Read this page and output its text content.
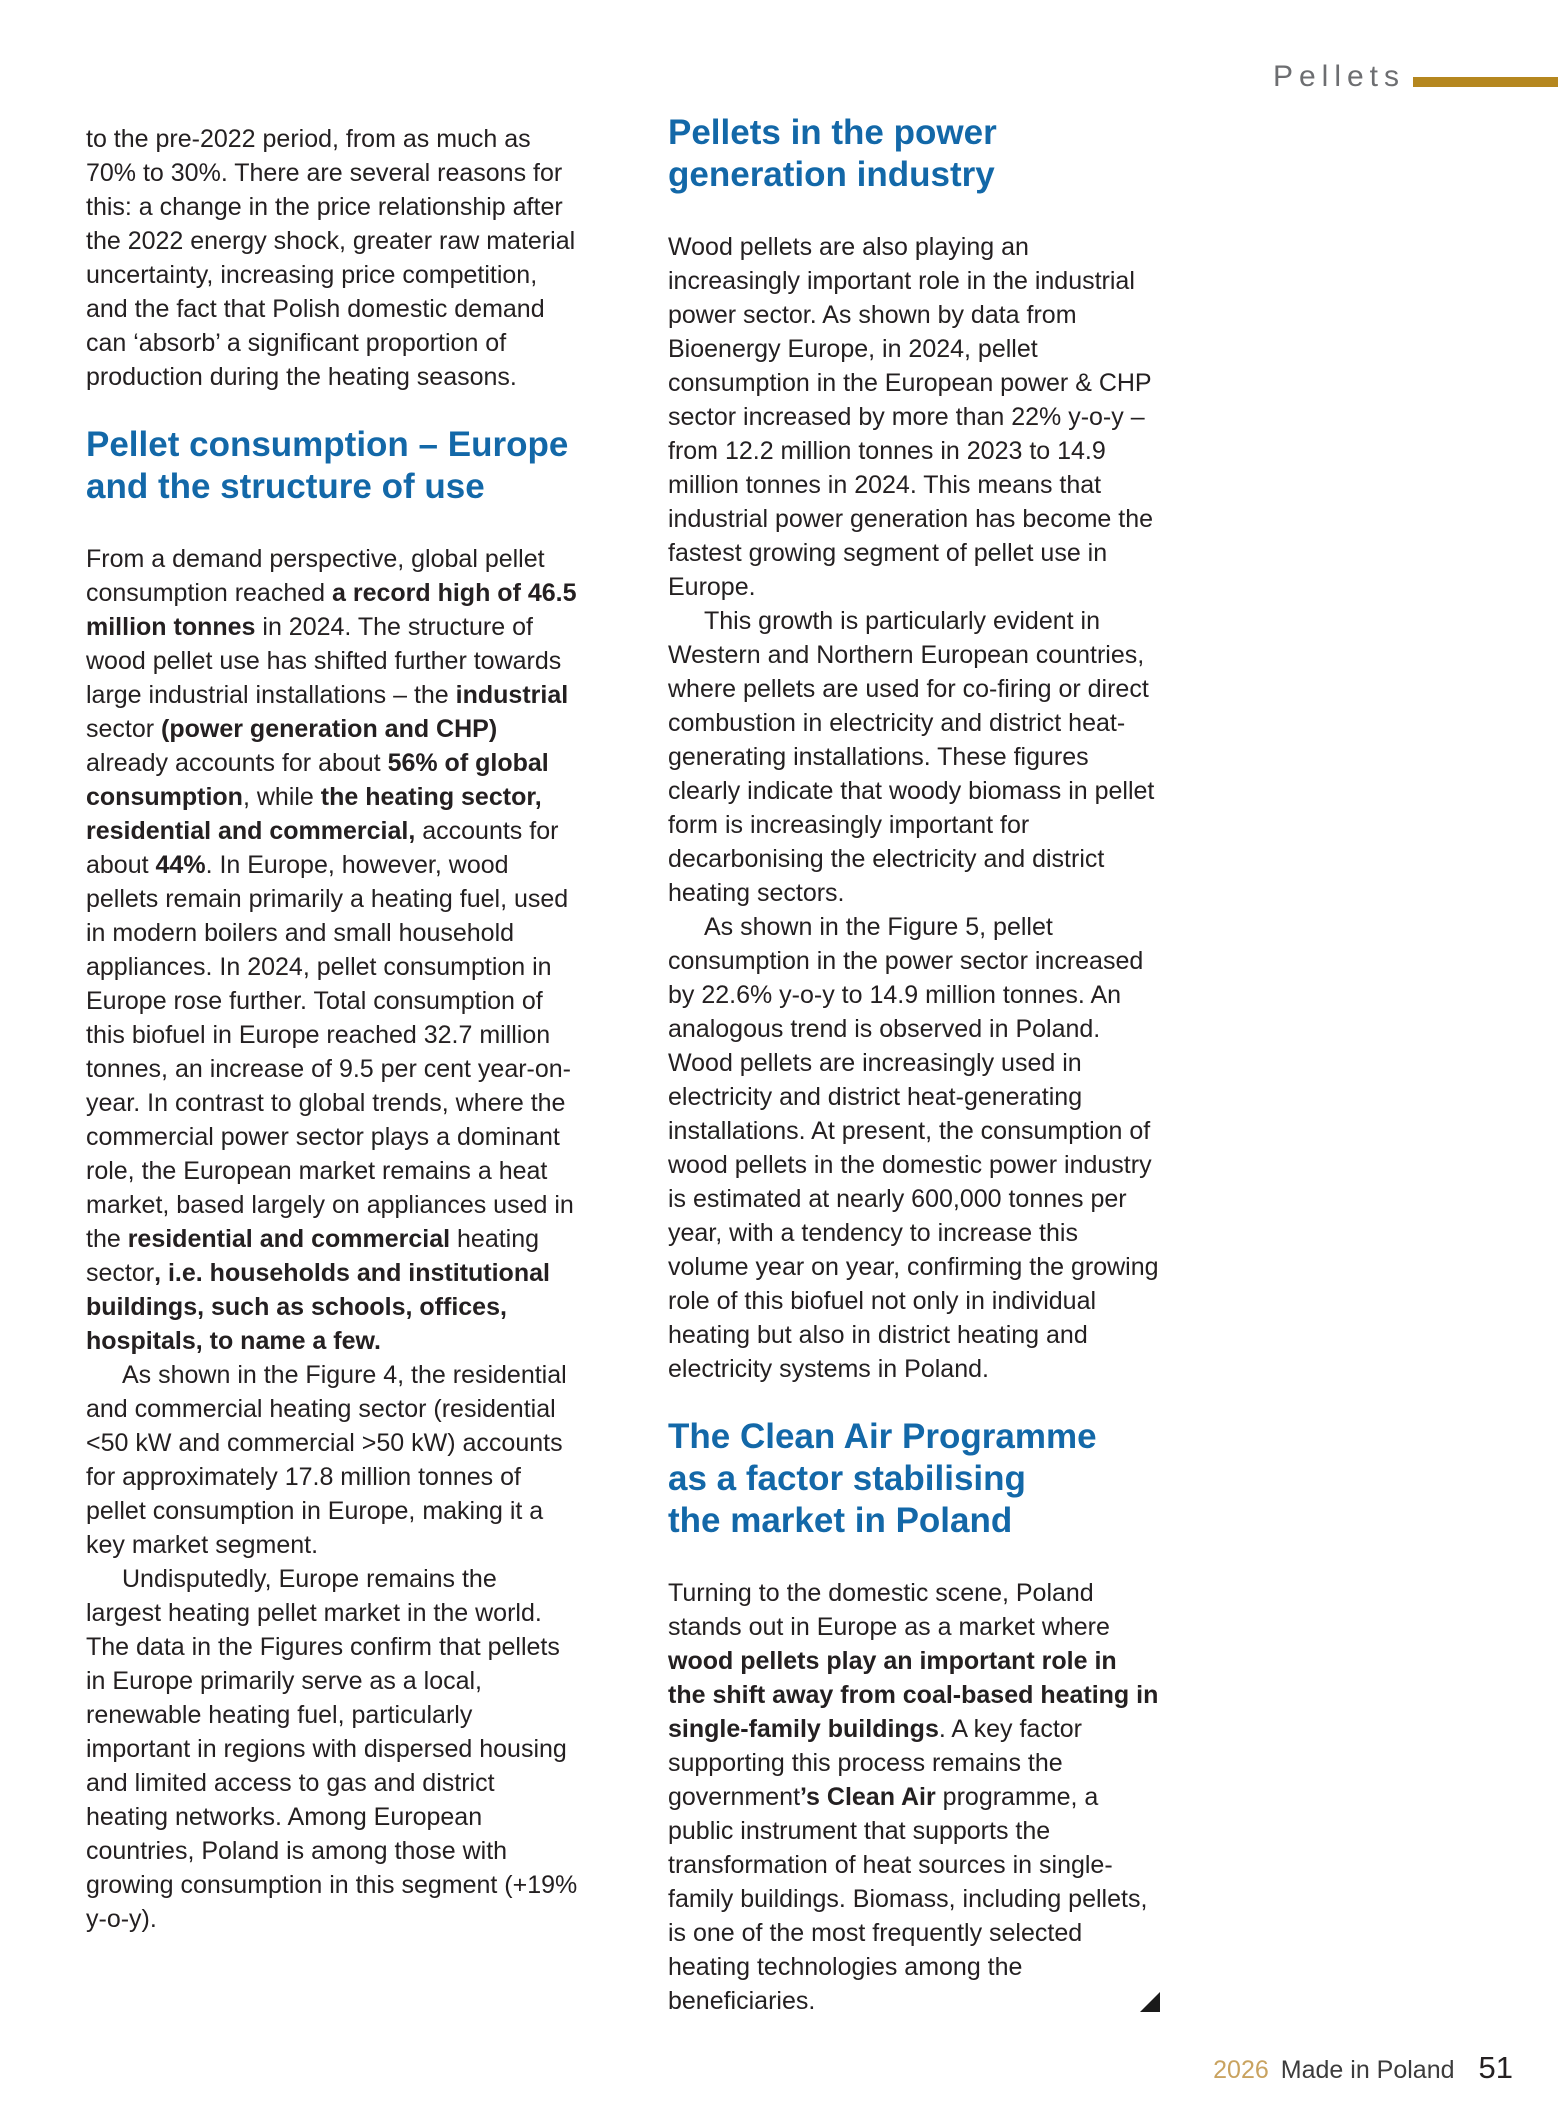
Pellets

to the pre-2022 period, from as much as 70% to 30%. There are several reasons for this: a change in the price relationship after the 2022 energy shock, greater raw material uncertainty, increasing price competition, and the fact that Polish domestic demand can ‘absorb’ a significant proportion of production during the heating seasons.

Pellet consumption – Europe
and the structure of use

From a demand perspective, global pellet consumption reached a record high of 46.5 million tonnes in 2024. The structure of wood pellet use has shifted further towards large industrial installations – the industrial sector (power generation and CHP) already accounts for about 56% of global consumption, while the heating sector, residential and commercial, accounts for about 44%. In Europe, however, wood pellets remain primarily a heating fuel, used in modern boilers and small household appliances. In 2024, pellet consumption in Europe rose further. Total consumption of this biofuel in Europe reached 32.7 million tonnes, an increase of 9.5 per cent year-on-year. In contrast to global trends, where the commercial power sector plays a dominant role, the European market remains a heat market, based largely on appliances used in the residential and commercial heating sector, i.e. households and institutional buildings, such as schools, offices, hospitals, to name a few.

As shown in the Figure 4, the residential and commercial heating sector (residential <50 kW and commercial >50 kW) accounts for approximately 17.8 million tonnes of pellet consumption in Europe, making it a key market segment.

Undisputedly, Europe remains the largest heating pellet market in the world. The data in the Figures confirm that pellets in Europe primarily serve as a local, renewable heating fuel, particularly important in regions with dispersed housing and limited access to gas and district heating networks. Among European countries, Poland is among those with growing consumption in this segment (+19% y-o-y).

Pellets in the power
generation industry

Wood pellets are also playing an increasingly important role in the industrial power sector. As shown by data from Bioenergy Europe, in 2024, pellet consumption in the European power & CHP sector increased by more than 22% y-o-y – from 12.2 million tonnes in 2023 to 14.9 million tonnes in 2024. This means that industrial power generation has become the fastest growing segment of pellet use in Europe.

This growth is particularly evident in Western and Northern European countries, where pellets are used for co-firing or direct combustion in electricity and district heat-generating installations. These figures clearly indicate that woody biomass in pellet form is increasingly important for decarbonising the electricity and district heating sectors.

As shown in the Figure 5, pellet consumption in the power sector increased by 22.6% y-o-y to 14.9 million tonnes. An analogous trend is observed in Poland. Wood pellets are increasingly used in electricity and district heat-generating installations. At present, the consumption of wood pellets in the domestic power industry is estimated at nearly 600,000 tonnes per year, with a tendency to increase this volume year on year, confirming the growing role of this biofuel not only in individual heating but also in district heating and electricity systems in Poland.

The Clean Air Programme
as a factor stabilising
the market in Poland

Turning to the domestic scene, Poland stands out in Europe as a market where wood pellets play an important role in the shift away from coal-based heating in single-family buildings. A key factor supporting this process remains the government’s Clean Air programme, a public instrument that supports the transformation of heat sources in single-family buildings. Biomass, including pellets, is one of the most frequently selected heating technologies among the beneficiaries.

2026 Made in Poland 51
